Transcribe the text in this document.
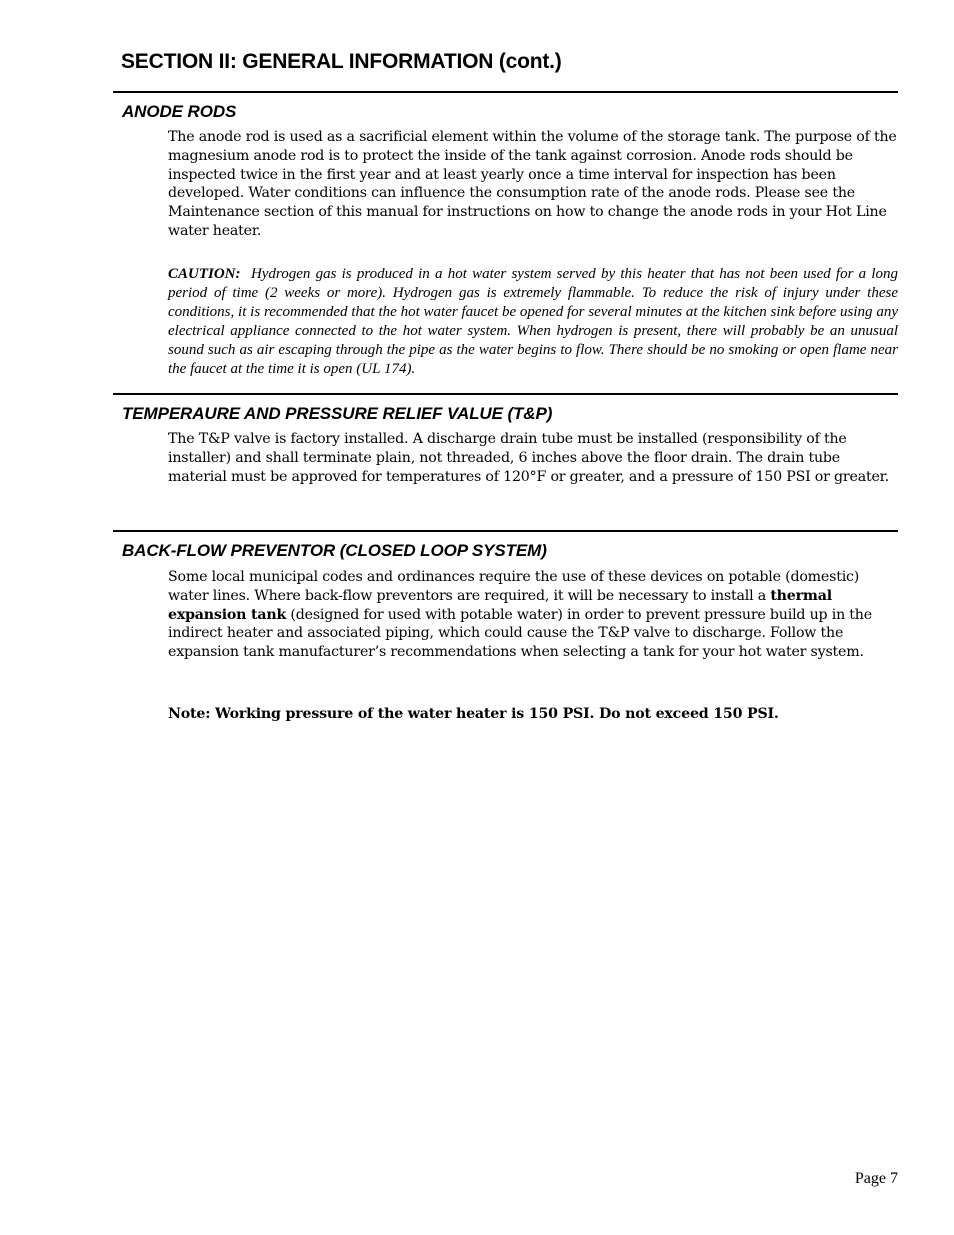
SECTION II: GENERAL INFORMATION (cont.)
ANODE RODS

The anode rod is used as a sacrificial element within the volume of the storage tank. The purpose of the magnesium anode rod is to protect the inside of the tank against corrosion. Anode rods should be inspected twice in the first year and at least yearly once a time interval for inspection has been developed. Water conditions can influence the consumption rate of the anode rods. Please see the Maintenance section of this manual for instructions on how to change the anode rods in your Hot Line water heater.

CAUTION: Hydrogen gas is produced in a hot water system served by this heater that has not been used for a long period of time (2 weeks or more). Hydrogen gas is extremely flammable. To reduce the risk of injury under these conditions, it is recommended that the hot water faucet be opened for several minutes at the kitchen sink before using any electrical appliance connected to the hot water system. When hydrogen is present, there will probably be an unusual sound such as air escaping through the pipe as the water begins to flow. There should be no smoking or open flame near the faucet at the time it is open (UL 174).

TEMPERAURE AND PRESSURE RELIEF VALUE (T&P)

The T&P valve is factory installed. A discharge drain tube must be installed (responsibility of the installer) and shall terminate plain, not threaded, 6 inches above the floor drain. The drain tube material must be approved for temperatures of 120°F or greater, and a pressure of 150 PSI or greater.

BACK-FLOW PREVENTOR (CLOSED LOOP SYSTEM)

Some local municipal codes and ordinances require the use of these devices on potable (domestic) water lines. Where back-flow preventors are required, it will be necessary to install a thermal expansion tank (designed for used with potable water) in order to prevent pressure build up in the indirect heater and associated piping, which could cause the T&P valve to discharge. Follow the expansion tank manufacturer’s recommendations when selecting a tank for your hot water system.

Note: Working pressure of the water heater is 150 PSI. Do not exceed 150 PSI.

Page 7
